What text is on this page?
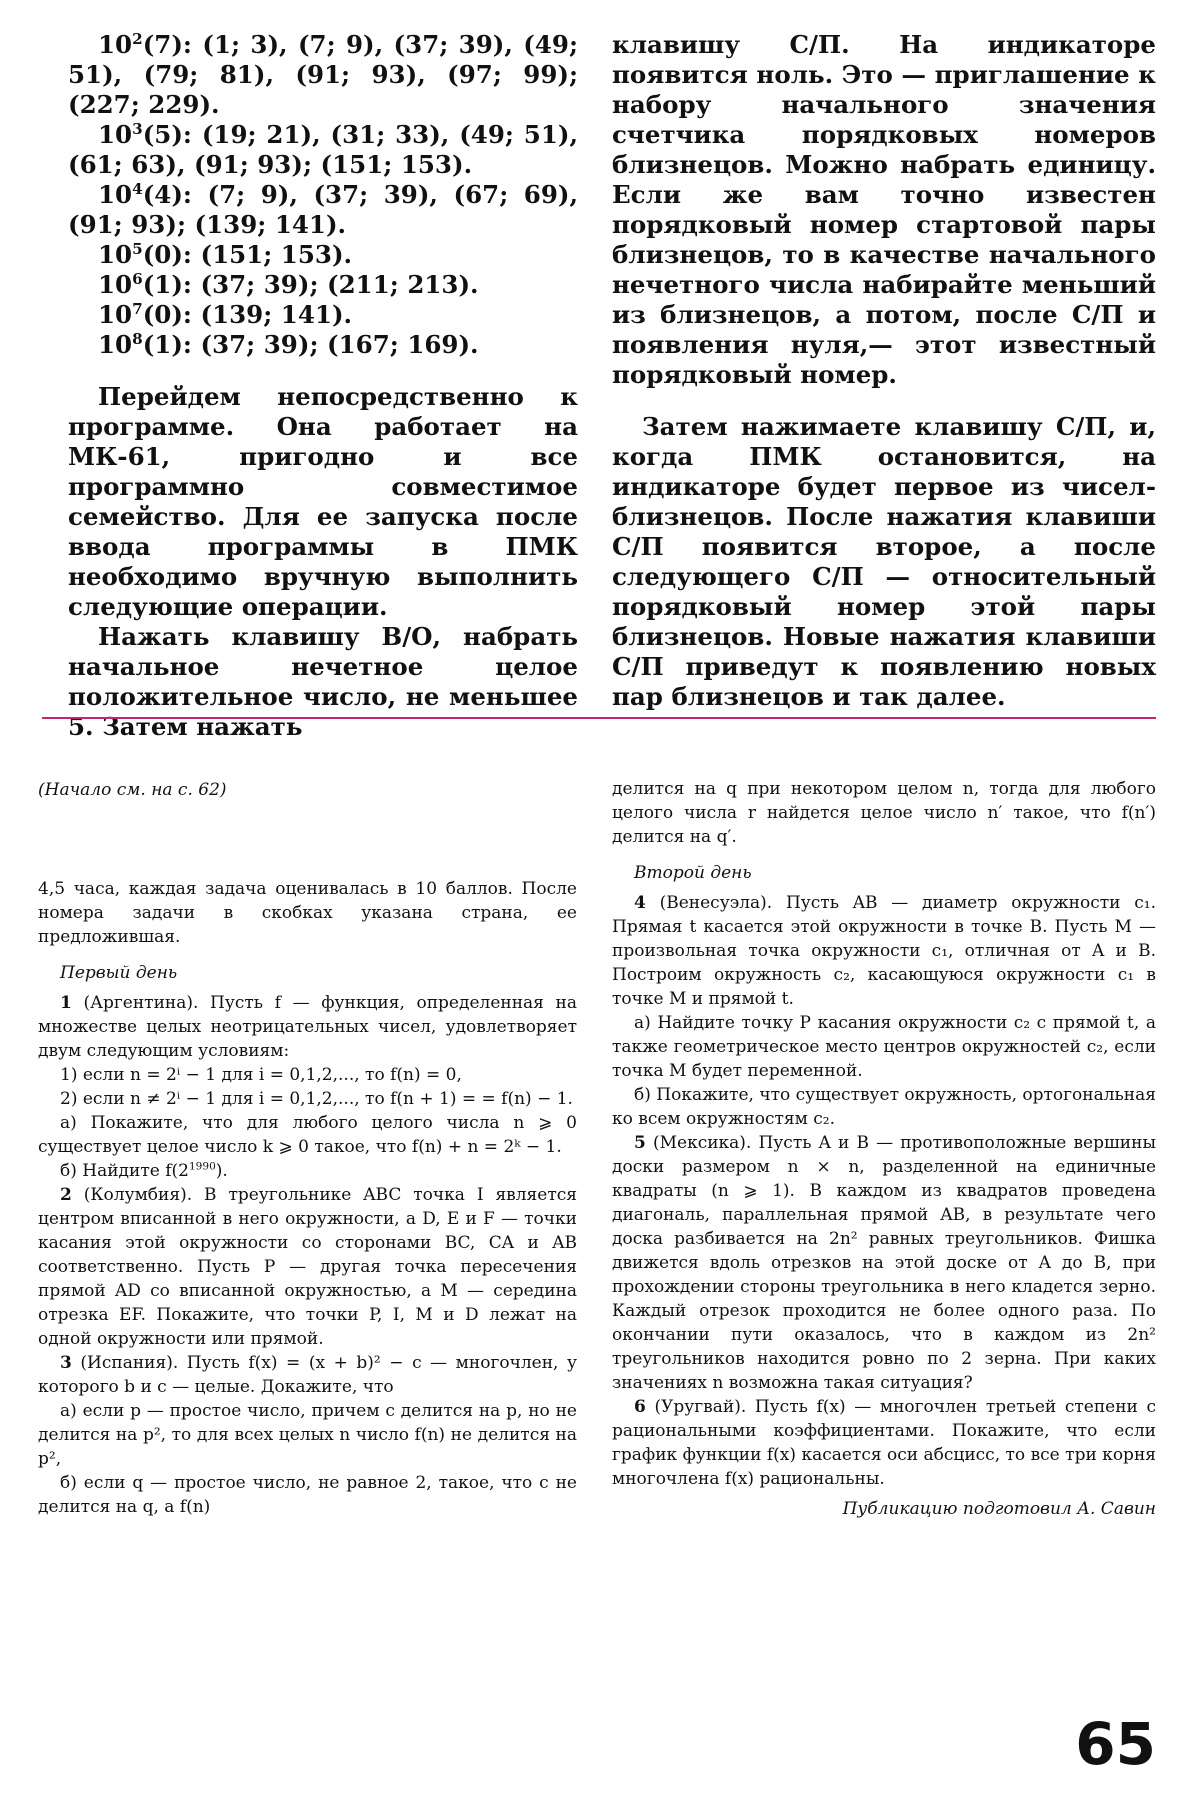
$10^2(7)$: (1; 3), (7; 9), (37; 39), (49; 51), (79; 81), (91; 93), (97; 99); (227; 229).

$10^3(5)$: (19; 21), (31; 33), (49; 51), (61; 63), (91; 93); (151; 153).

$10^4(4)$: (7; 9), (37; 39), (67; 69), (91; 93); (139; 141).

$10^5(0)$: (151; 153).

$10^6(1)$: (37; 39); (211; 213).

$10^7(0)$: (139; 141).

$10^8(1)$: (37; 39); (167; 169).

Перейдем непосредственно к программе. Она работает на МК-61, пригодно и все программно совместимое семейство. Для ее запуска после ввода программы в ПМК необходимо вручную выполнить следующие операции.

Нажать клавишу В/О, набрать начальное нечетное целое положительное число, не меньшее 5. Затем нажать

клавишу С/П. На индикаторе появится ноль. Это — приглашение к набору начального значения счетчика порядковых номеров близнецов. Можно набрать единицу. Если же вам точно известен порядковый номер стартовой пары близнецов, то в качестве начального нечетного числа набирайте меньший из близнецов, а потом, после С/П и появления нуля,— этот известный порядковый номер.

Затем нажимаете клавишу С/П, и, когда ПМК остановится, на индикаторе будет первое из чисел-близнецов. После нажатия клавиши С/П появится второе, а после следующего С/П — относительный порядковый номер этой пары близнецов. Новые нажатия клавиши С/П приведут к появлению новых пар близнецов и так далее.

(Начало см. на с. 62)

4,5 часа, каждая задача оценивалась в 10 баллов. После номера задачи в скобках указана страна, ее предложившая.

Первый день

1 (Аргентина). Пусть f — функция, определенная на множестве целых неотрицательных чисел, удовлетворяет двум следующим условиям:

1) если n = 2ⁱ − 1 для i = 0,1,2,..., то f(n) = 0,

2) если n ≠ 2ⁱ − 1 для i = 0,1,2,..., то f(n + 1) = = f(n) − 1.

а) Покажите, что для любого целого числа n ⩾ 0 существует целое число k ⩾ 0 такое, что f(n) + n = 2ᵏ − 1.

б) Найдите $f(2^{1990})$.

2 (Колумбия). В треугольнике ABC точка I является центром вписанной в него окружности, а D, E и F — точки касания этой окружности со сторонами BC, CA и AB соответственно. Пусть P — другая точка пересечения прямой AD со вписанной окружностью, а M — середина отрезка EF. Покажите, что точки P, I, M и D лежат на одной окружности или прямой.

3 (Испания). Пусть f(x) = (x + b)² − c — многочлен, у которого b и c — целые. Докажите, что

а) если p — простое число, причем c делится на p, но не делится на p², то для всех целых n число f(n) не делится на p²,

б) если q — простое число, не равное 2, такое, что c не делится на q, а f(n)

делится на q при некотором целом n, тогда для любого целого числа r найдется целое число n′ такое, что f(n′) делится на q′.

Второй день

4 (Венесуэла). Пусть AB — диаметр окружности c₁. Прямая t касается этой окружности в точке B. Пусть M — произвольная точка окружности c₁, отличная от A и B. Построим окружность c₂, касающуюся окружности c₁ в точке M и прямой t.

а) Найдите точку P касания окружности c₂ с прямой t, а также геометрическое место центров окружностей c₂, если точка M будет переменной.

б) Покажите, что существует окружность, ортогональная ко всем окружностям c₂.

5 (Мексика). Пусть A и B — противоположные вершины доски размером n × n, разделенной на единичные квадраты (n ⩾ 1). В каждом из квадратов проведена диагональ, параллельная прямой AB, в результате чего доска разбивается на 2n² равных треугольников. Фишка движется вдоль отрезков на этой доске от A до B, при прохождении стороны треугольника в него кладется зерно. Каждый отрезок проходится не более одного раза. По окончании пути оказалось, что в каждом из 2n² треугольников находится ровно по 2 зерна. При каких значениях n возможна такая ситуация?

6 (Уругвай). Пусть f(x) — многочлен третьей степени с рациональными коэффициентами. Покажите, что если график функции f(x) касается оси абсцисс, то все три корня многочлена f(x) рациональны.

Публикацию подготовил А. Савин
65
